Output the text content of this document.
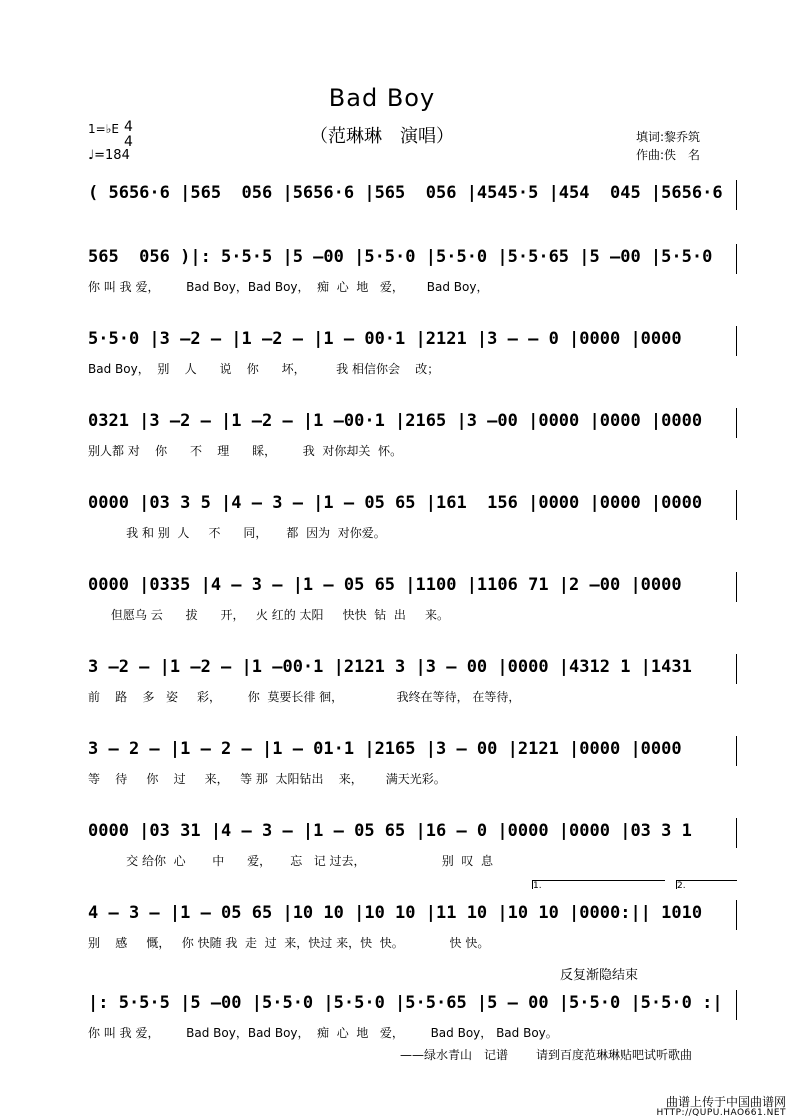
Bad Boy
（范琳琳　演唱）
1=♭E 4
4
♩=184
填词:黎乔筑
作曲:佚　名
( 5656·6 |565  056 |5656·6 |565  056 |4545·5 |454  045 |5656·6
565  056 )|: 5·5·5 |5 —00 |5·5·0 |5·5·0 |5·5·65 |5 —00 |5·5·0
你 叫 我 爱，       Bad Boy，Bad Boy，  痴  心  地   爱，      Bad Boy，
5·5·0 |3 —2 — |1 —2 — |1 — 00·1 |2121 |3 — — 0 |0000 |0000
Bad Boy，  别    人      说    你      坏，        我 相信你会    改；
0321 |3 —2 — |1 —2 — |1 —00·1 |2165 |3 —00 |0000 |0000 |0000
别人都 对    你      不    理      睬，       我  对你却关  怀。
0000 |03 3 5 |4 — 3 — |1 — 05 65 |161  156 |0000 |0000 |0000
我 和 别  人     不      同，     都  因为  对你爱。
0000 |0335 |4 — 3 — |1 — 05 65 |1100 |1106 71 |2 —00 |0000
但愿乌 云      拔      开，   火 红的 太阳     快快  钻  出     来。
3 —2 — |1 —2 — |1 —00·1 |2121 3 |3 — 00 |0000 |4312 1 |1431
前    路    多   姿     彩，       你  莫要长徘 徊，              我终在等待， 在等待，
3 — 2 — |1 — 2 — |1 — 01·1 |2165 |3 — 00 |2121 |0000 |0000
等    待     你    过     来，   等 那  太阳钻出    来，      满天光彩。
0000 |03 31 |4 — 3 — |1 — 05 65 |16 — 0 |0000 |0000 |03 3 1
交 给你  心       中      爱，     忘   记 过去，                    别  叹  息
4 — 3 — |1 — 05 65 |10 10 |10 10 |11 10 |10 10 |0000:|| 1010
别    感     慨，   你 快随 我  走  过  来，快过 来，快  快。            快 快。
|: 5·5·5 |5 —00 |5·5·0 |5·5·0 |5·5·65 |5 — 00 |5·5·0 |5·5·0 :|
你 叫 我 爱，       Bad Boy，Bad Boy，  痴  心  地   爱，       Bad Boy， Bad Boy。
1.	2.
反复渐隐结束
——绿水青山　记谱 请到百度范琳琳贴吧试听歌曲
曲谱上传于中国曲谱网
HTTP://QUPU.HAO661.NET
